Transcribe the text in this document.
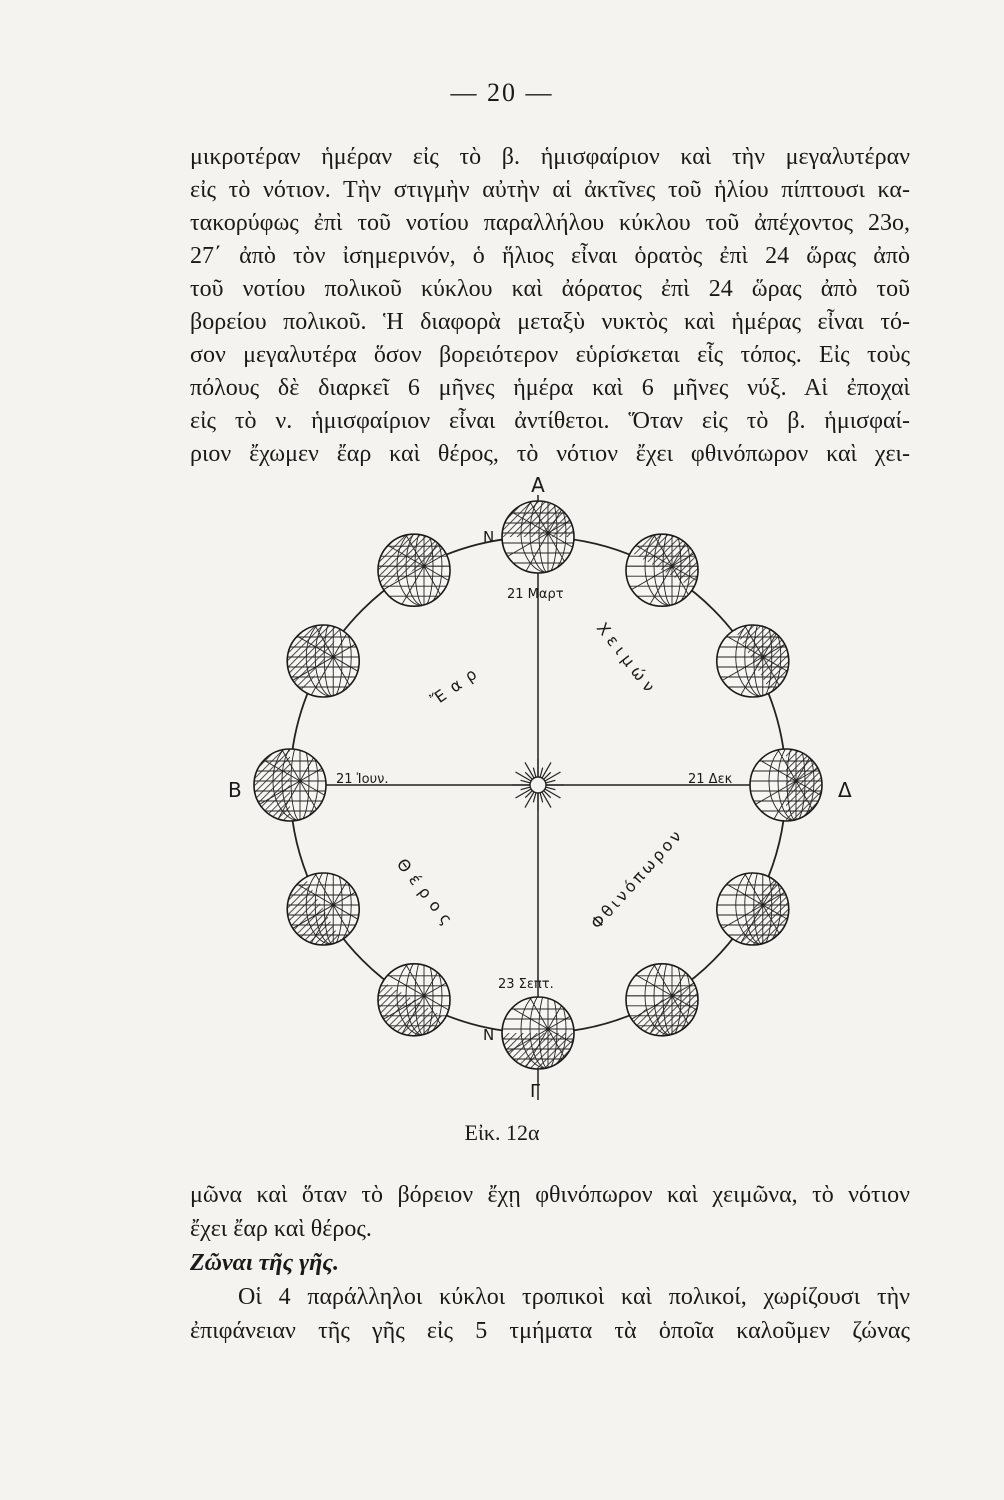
— 20 —
μικροτέραν ἡμέραν εἰς τὸ β. ἡμισφαίριον καὶ τὴν μεγαλυτέραν
εἰς τὸ νότιον. Τὴν στιγμὴν αὐτὴν αἱ ἀκτῖνες τοῦ ἡλίου πίπτουσι κα-
τακορύφως ἐπὶ τοῦ νοτίου παραλλήλου κύκλου τοῦ ἀπέχοντος 23ο,
27΄ ἀπὸ τὸν ἰσημερινόν, ὁ ἥλιος εἶναι ὁρατὸς ἐπὶ 24 ὥρας ἀπὸ
τοῦ νοτίου πολικοῦ κύκλου καὶ ἀόρατος ἐπὶ 24 ὥρας ἀπὸ τοῦ
βορείου πολικοῦ. Ἡ διαφορὰ μεταξὺ νυκτὸς καὶ ἡμέρας εἶναι τό-
σον μεγαλυτέρα ὅσον βορειότερον εὑρίσκεται εἷς τόπος. Εἰς τοὺς
πόλους δὲ διαρκεῖ 6 μῆνες ἡμέρα καὶ 6 μῆνες νύξ. Αἱ ἐποχαὶ
εἰς τὸ ν. ἡμισφαίριον εἶναι ἀντίθετοι. Ὅταν εἰς τὸ β. ἡμισφαί-
ριον ἔχωμεν ἔαρ καὶ θέρος, τὸ νότιον ἔχει φθινόπωρον καὶ χει-
Α
Γ
Β	Δ
Ν
Ν
21 Μαρτ
21 Ἰουν.	21 Δεκ
23 Σεπτ.
Ἔαρ	Χειμών
Θέρος	Φθινόπωρον
Εἰκ. 12α
μῶνα καὶ ὅταν τὸ βόρειον ἔχῃ φθινόπωρον καὶ χειμῶνα, τὸ νότιον
ἔχει ἔαρ καὶ θέρος.
Ζῶναι τῆς γῆς.
Οἱ 4 παράλληλοι κύκλοι τροπικοὶ καὶ πολικοί, χωρίζουσι τὴν
ἐπιφάνειαν τῆς γῆς εἰς 5 τμήματα τὰ ὁποῖα καλοῦμεν ζώνας
